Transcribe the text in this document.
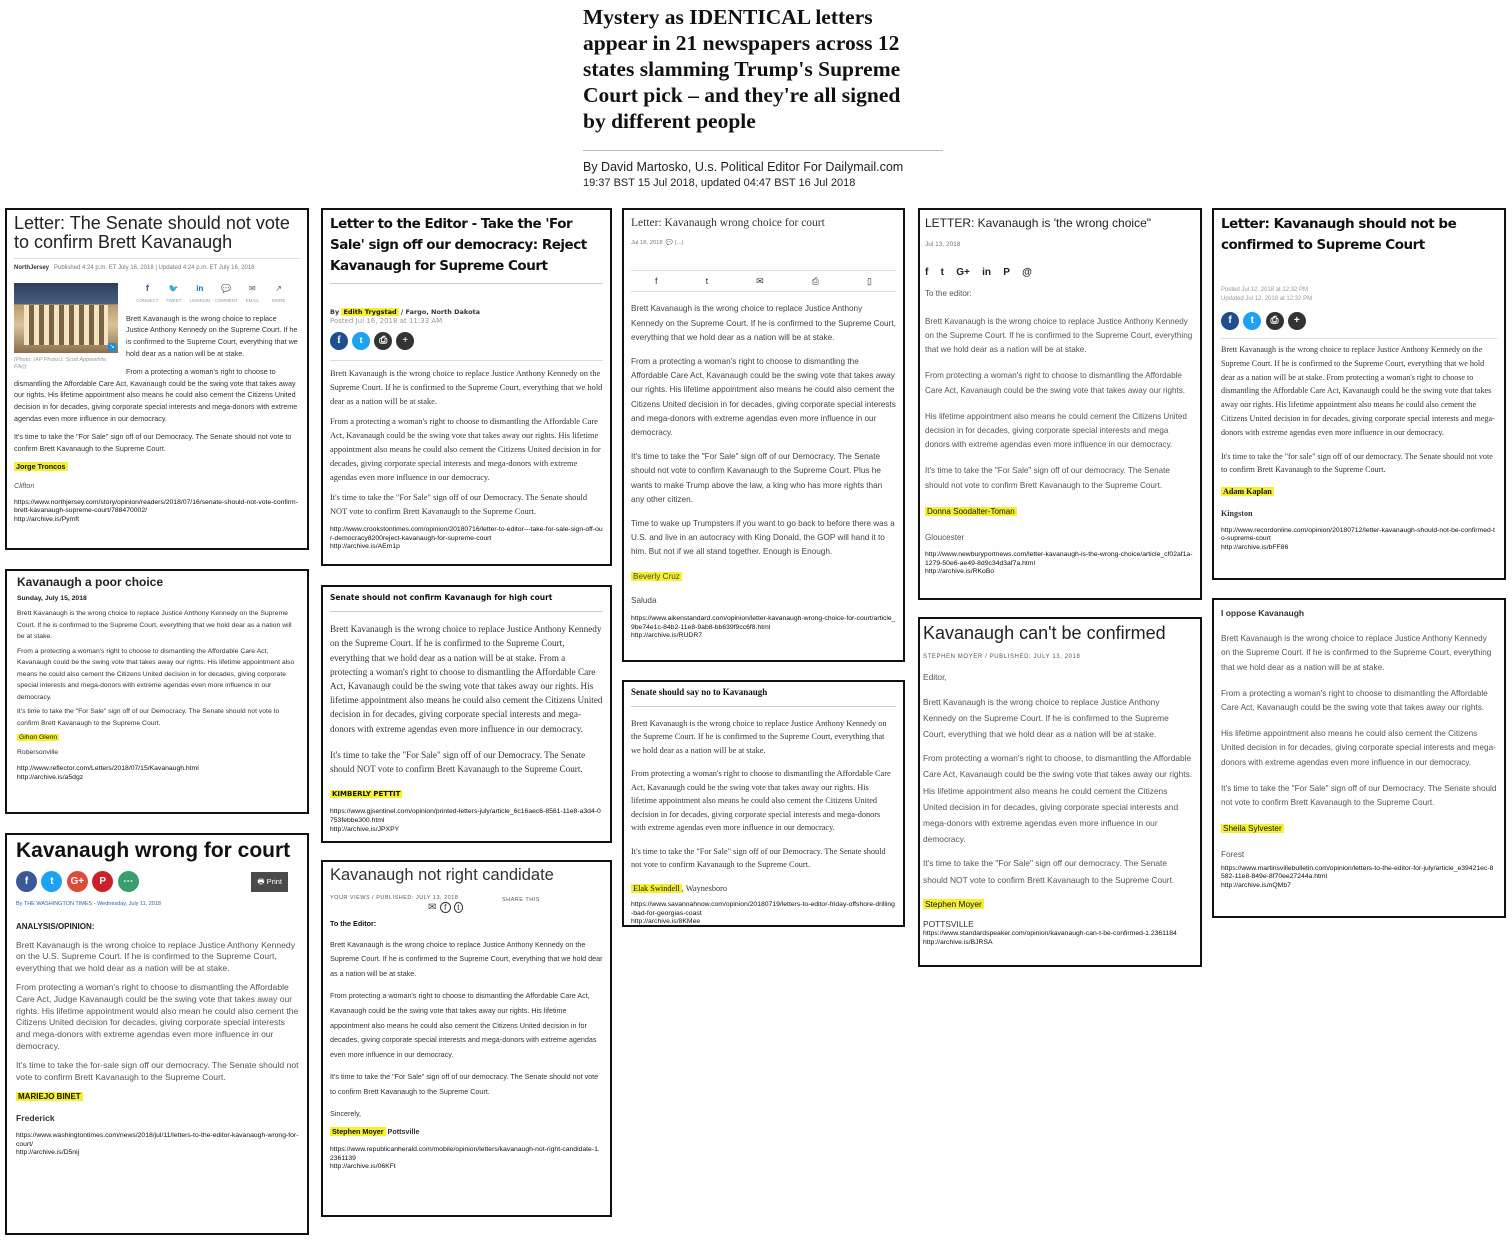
Mystery as IDENTICAL letters
appear in 21 newspapers across 12
states slamming Trump's Supreme
Court pick – and they're all signed
by different people
By David Martosko, U.s. Political Editor For Dailymail.com
19:37 BST 15 Jul 2018, updated 04:47 BST 16 Jul 2018
Letter: The Senate should not vote to confirm Brett Kavanaugh
NorthJersey Published 4:24 p.m. ET July 16, 2018 | Updated 4:24 p.m. ET July 16, 2018
↘
(Photo: (AP Photo/J. Scott Applewhite, File))
f
CONNECT 🐦
TWEET in
LINKEDIN 💬
COMMENT ✉
EMAIL ↗
MORE

Brett Kavanaugh is the wrong choice to replace Justice Anthony Kennedy on the Supreme Court. If he is confirmed to the Supreme Court, everything that we hold dear as a nation will be at stake.

From a protecting a woman's right to choose to dismantling the Affordable Care Act, Kavanaugh could be the swing vote that takes away our rights. His lifetime appointment also means he could also cement the Citizens United decision in for decades, giving corporate special interests and mega-donors with extreme agendas even more influence in our democracy.

It's time to take the "For Sale" sign off of our Democracy. The Senate should not vote to confirm Brett Kavanaugh to the Supreme Court.

Jorge Troncos

Clifton

https://www.northjersey.com/story/opinion/readers/2018/07/16/senate-should-not-vote-confirm-brett-kavanaugh-supreme-court/788470002/
http://archive.is/Pymft
Kavanaugh a poor choice

Sunday, July 15, 2018

Brett Kavanaugh is the wrong choice to replace Justice Anthony Kennedy on the Supreme Court. If he is confirmed to the Supreme Court, everything that we hold dear as a nation will be at stake.

From a protecting a woman's right to choose to dismantling the Affordable Care Act, Kavanaugh could be the swing vote that takes away our rights. His lifetime appointment also means he could also cement the Citizens United decision in for decades, giving corporate special interests and mega-donors with extreme agendas even more influence in our democracy.

It's time to take the "For Sale" sign off of our Democracy. The Senate should not vote to confirm Brett Kavanaugh to the Supreme Court.

Gihon Glenn

Robersonville

http://www.reflector.com/Letters/2018/07/15/Kavanaugh.html
http://archive.is/a5dgz
Kavanaugh wrong for court
f t G+ P ⋯	🖶 Print
By THE WASHINGTON TIMES - Wednesday, July 11, 2018

ANALYSIS/OPINION:

Brett Kavanaugh is the wrong choice to replace Justice Anthony Kennedy on the U.S. Supreme Court. If he is confirmed to the Supreme Court, everything that we hold dear as a nation will be at stake.

From protecting a woman's right to choose to dismantling the Affordable Care Act, Judge Kavanaugh could be the swing vote that takes away our rights. His lifetime appointment would also mean he could also cement the Citizens United decision for decades, giving corporate special interests and mega-donors with extreme agendas even more influence in our democracy.

It's time to take the for-sale sign off our democracy. The Senate should not vote to confirm Brett Kavanaugh to the Supreme Court.

MARIEJO BINET

Frederick

https://www.washingtontimes.com/news/2018/jul/11/letters-to-the-editor-kavanaugh-wrong-for-court/
http://archive.is/D5nij
Letter to the Editor - Take the 'For Sale' sign off our democracy: Reject Kavanaugh for Supreme Court
By Edith Trygstad / Fargo, North Dakota
Posted Jul 16, 2018 at 11:33 AM
f t ⎙ +

Brett Kavanaugh is the wrong choice to replace Justice Anthony Kennedy on the Supreme Court. If he is confirmed to the Supreme Court, everything that we hold dear as a nation will be at stake.

From a protecting a woman's right to choose to dismantling the Affordable Care Act, Kavanaugh could be the swing vote that takes away our rights. His lifetime appointment also means he could also cement the Citizens United decision in for decades, giving corporate special interests and mega-donors with extreme agendas even more influence in our democracy.

It's time to take the "For Sale" sign off of our Democracy. The Senate should NOT vote to confirm Brett Kavanaugh to the Supreme Court.

http://www.crookstontimes.com/opinion/20180716/letter-to-editor---take-for-sale-sign-off-our-democracy8200reject-kavanaugh-for-supreme-court
http://archive.is/AEm1p
Senate should not confirm Kavanaugh for high court

Brett Kavanaugh is the wrong choice to replace Justice Anthony Kennedy on the Supreme Court. If he is confirmed to the Supreme Court, everything that we hold dear as a nation will be at stake. From a protecting a woman's right to choose to dismantling the Affordable Care Act, Kavanaugh could be the swing vote that takes away our rights. His lifetime appointment also means he could also cement the Citizens United decision in for decades, giving corporate special interests and mega-donors with extreme agendas even more influence in our democracy.

It's time to take the "For Sale" sign off of our Democracy. The Senate should NOT vote to confirm Brett Kavanaugh to the Supreme Court.

KIMBERLY PETTIT

https://www.gjsentinel.com/opinion/printed-letters-july/article_6c16aec6-8561-11e8-a3d4-0753febbe300.html
http://archive.is/JPXPY
Kavanaugh not right candidate
YOUR VIEWS / PUBLISHED: JULY 13, 2018	SHARE THIS
✉ f t

To the Editor:

Brett Kavanaugh is the wrong choice to replace Justice Anthony Kennedy on the Supreme Court. If he is confirmed to the Supreme Court, everything that we hold dear as a nation will be at stake.

From protecting a woman's right to choose to dismantling the Affordable Care Act, Kavanaugh could be the swing vote that takes away our rights. His lifetime appointment also means he could also cement the Citizens United decision in for decades, giving corporate special interests and mega-donors with extreme agendas even more influence in our democracy.

It's time to take the "For Sale" sign off of our democracy. The Senate should not vote to confirm Brett Kavanaugh to the Supreme Court.

Sincerely,

Stephen Moyer Pottsville

https://www.republicanherald.com/mobile/opinion/letters/kavanaugh-not-right-candidate-1.2361139
http://archive.is/06KFt
Letter: Kavanaugh wrong choice for court
Jul 18, 2018 💬 (...)
f	t	✉	⎙	▯

Brett Kavanaugh is the wrong choice to replace Justice Anthony Kennedy on the Supreme Court. If he is confirmed to the Supreme Court, everything that we hold dear as a nation will be at stake.

From a protecting a woman's right to choose to dismantling the Affordable Care Act, Kavanaugh could be the swing vote that takes away our rights. His lifetime appointment also means he could also cement the Citizens United decision in for decades, giving corporate special interests and mega-donors with extreme agendas even more influence in our democracy.

It's time to take the "For Sale" sign off of our Democracy. The Senate should not vote to confirm Kavanaugh to the Supreme Court. Plus he wants to make Trump above the law, a king who has more rights than any other citizen.

Time to wake up Trumpsters if you want to go back to before there was a U.S. and live in an autocracy with King Donald, the GOP will hand it to him. But not if we all stand together. Enough is Enough.

Beverly Cruz

Saluda

https://www.aikenstandard.com/opinion/letter-kavanaugh-wrong-choice-for-court/article_9be74e1c-84b2-11e8-9ab8-bb639f9cc6f8.html
http://archive.is/RUDR7
Senate should say no to Kavanaugh

Brett Kavanaugh is the wrong choice to replace Justice Anthony Kennedy on the Supreme Court. If he is confirmed to the Supreme Court, everything that we hold dear as a nation will be at stake.

From protecting a woman's right to choose to dismantling the Affordable Care Act, Kavanaugh could be the swing vote that takes away our rights. His lifetime appointment also means he could also cement the Citizens United decision in for decades, giving corporate special interests and mega-donors with extreme agendas even more influence in our democracy.

It's time to take the "For Sale" sign off of our Democracy. The Senate should not vote to confirm Kavanaugh to the Supreme Court.

Elak Swindell , Waynesboro

https://www.savannahnow.com/opinion/20180719/letters-to-editor-friday-offshore-drilling-bad-for-georgias-coast
http://archive.is/8KMee
LETTER: Kavanaugh is 'the wrong choice"
Jul 13, 2018
f t G+ in P @

To the editor:

Brett Kavanaugh is the wrong choice to replace Justice Anthony Kennedy on the Supreme Court. If he is confirmed to the Supreme Court, everything that we hold dear as a nation will be at stake.

From protecting a woman's right to choose to dismantling the Affordable Care Act, Kavanaugh could be the swing vote that takes away our rights.

His lifetime appointment also means he could cement the Citizens United decision in for decades, giving corporate special interests and mega donors with extreme agendas even more influence in our democracy.

It's time to take the "For Sale" sign off of our democracy. The Senate should not vote to confirm Brett Kavanaugh to the Supreme Court.

Donna Soodalter-Toman

Gloucester

http://www.newburyportnews.com/letter-kavanaugh-is-the-wrong-choice/article_cf02af1a-1279-50e6-ae49-8d9c34d3af7a.html
http://archive.is/RKoBo
Kavanaugh can't be confirmed
STEPHEN MOYER / PUBLISHED: JULY 13, 2018

Editor,

Brett Kavanaugh is the wrong choice to replace Justice Anthony Kennedy on the Supreme Court. If he is confirmed to the Supreme Court, everything that we hold dear as a nation will be at stake.

From protecting a woman's right to choose, to dismantling the Affordable Care Act, Kavanaugh could be the swing vote that takes away our rights. His lifetime appointment also means he could cement the Citizens United decision in for decades, giving corporate special interests and mega-donors with extreme agendas even more influence in our democracy.

It's time to take the "For Sale" sign off our democracy. The Senate should NOT vote to confirm Brett Kavanaugh to the Supreme Court.

Stephen Moyer

POTTSVILLE

https://www.standardspeaker.com/opinion/kavanaugh-can-t-be-confirmed-1.2361184
http://archive.is/BJRSA
Letter: Kavanaugh should not be confirmed to Supreme Court
Posted Jul 12, 2018 at 12:32 PM
Updated Jul 12, 2018 at 12:32 PM
f t ⎙ +

Brett Kavanaugh is the wrong choice to replace Justice Anthony Kennedy on the Supreme Court. If he is confirmed to the Supreme Court, everything that we hold dear as a nation will be at stake. From protecting a woman's right to choose to dismantling the Affordable Care Act, Kavanaugh could be the swing vote that takes away our rights. His lifetime appointment also means he could also cement the Citizens United decision in for decades, giving corporate special interests and mega-donors with extreme agendas even more influence in our democracy.

It's time to take the "for sale" sign off of our democracy. The Senate should not vote to confirm Brett Kavanaugh to the Supreme Court.

Adam Kaplan

Kingston

http://www.recordonline.com/opinion/20180712/letter-kavanaugh-should-not-be-confirmed-to-supreme-court
http://archive.is/bFF86
I oppose Kavanaugh

Brett Kavanaugh is the wrong choice to replace Justice Anthony Kennedy on the Supreme Court. If he is confirmed to the Supreme Court, everything that we hold dear as a nation will be at stake.

From a protecting a woman's right to choose to dismantling the Affordable Care Act, Kavanaugh could be the swing vote that takes away our rights.

His lifetime appointment also means he could also cement the Citizens United decision in for decades, giving corporate special interests and mega-donors with extreme agendas even more influence in our democracy.

It's time to take the "For Sale" sign off of our Democracy. The Senate should not vote to confirm Brett Kavanaugh to the Supreme Court.

Sheila Sylvester

Forest

https://www.martinsvillebulletin.com/opinion/letters-to-the-editor-for-july/article_e39421ec-8582-11e8-849e-8f70ee27244a.html
http://archive.is/nQMb7
